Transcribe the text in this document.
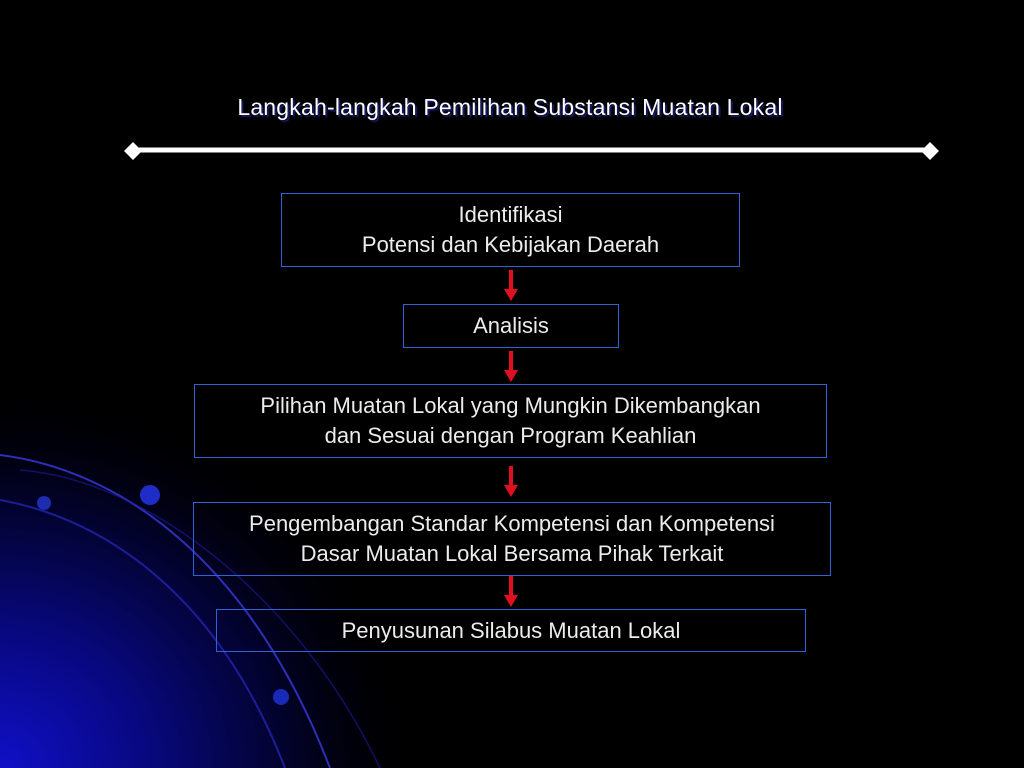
Langkah-langkah Pemilihan Substansi Muatan Lokal
Identifikasi
Potensi dan Kebijakan Daerah
Analisis
Pilihan Muatan Lokal yang Mungkin Dikembangkan
dan Sesuai dengan Program Keahlian
Pengembangan Standar Kompetensi dan Kompetensi
Dasar Muatan Lokal Bersama Pihak Terkait
Penyusunan Silabus Muatan Lokal
